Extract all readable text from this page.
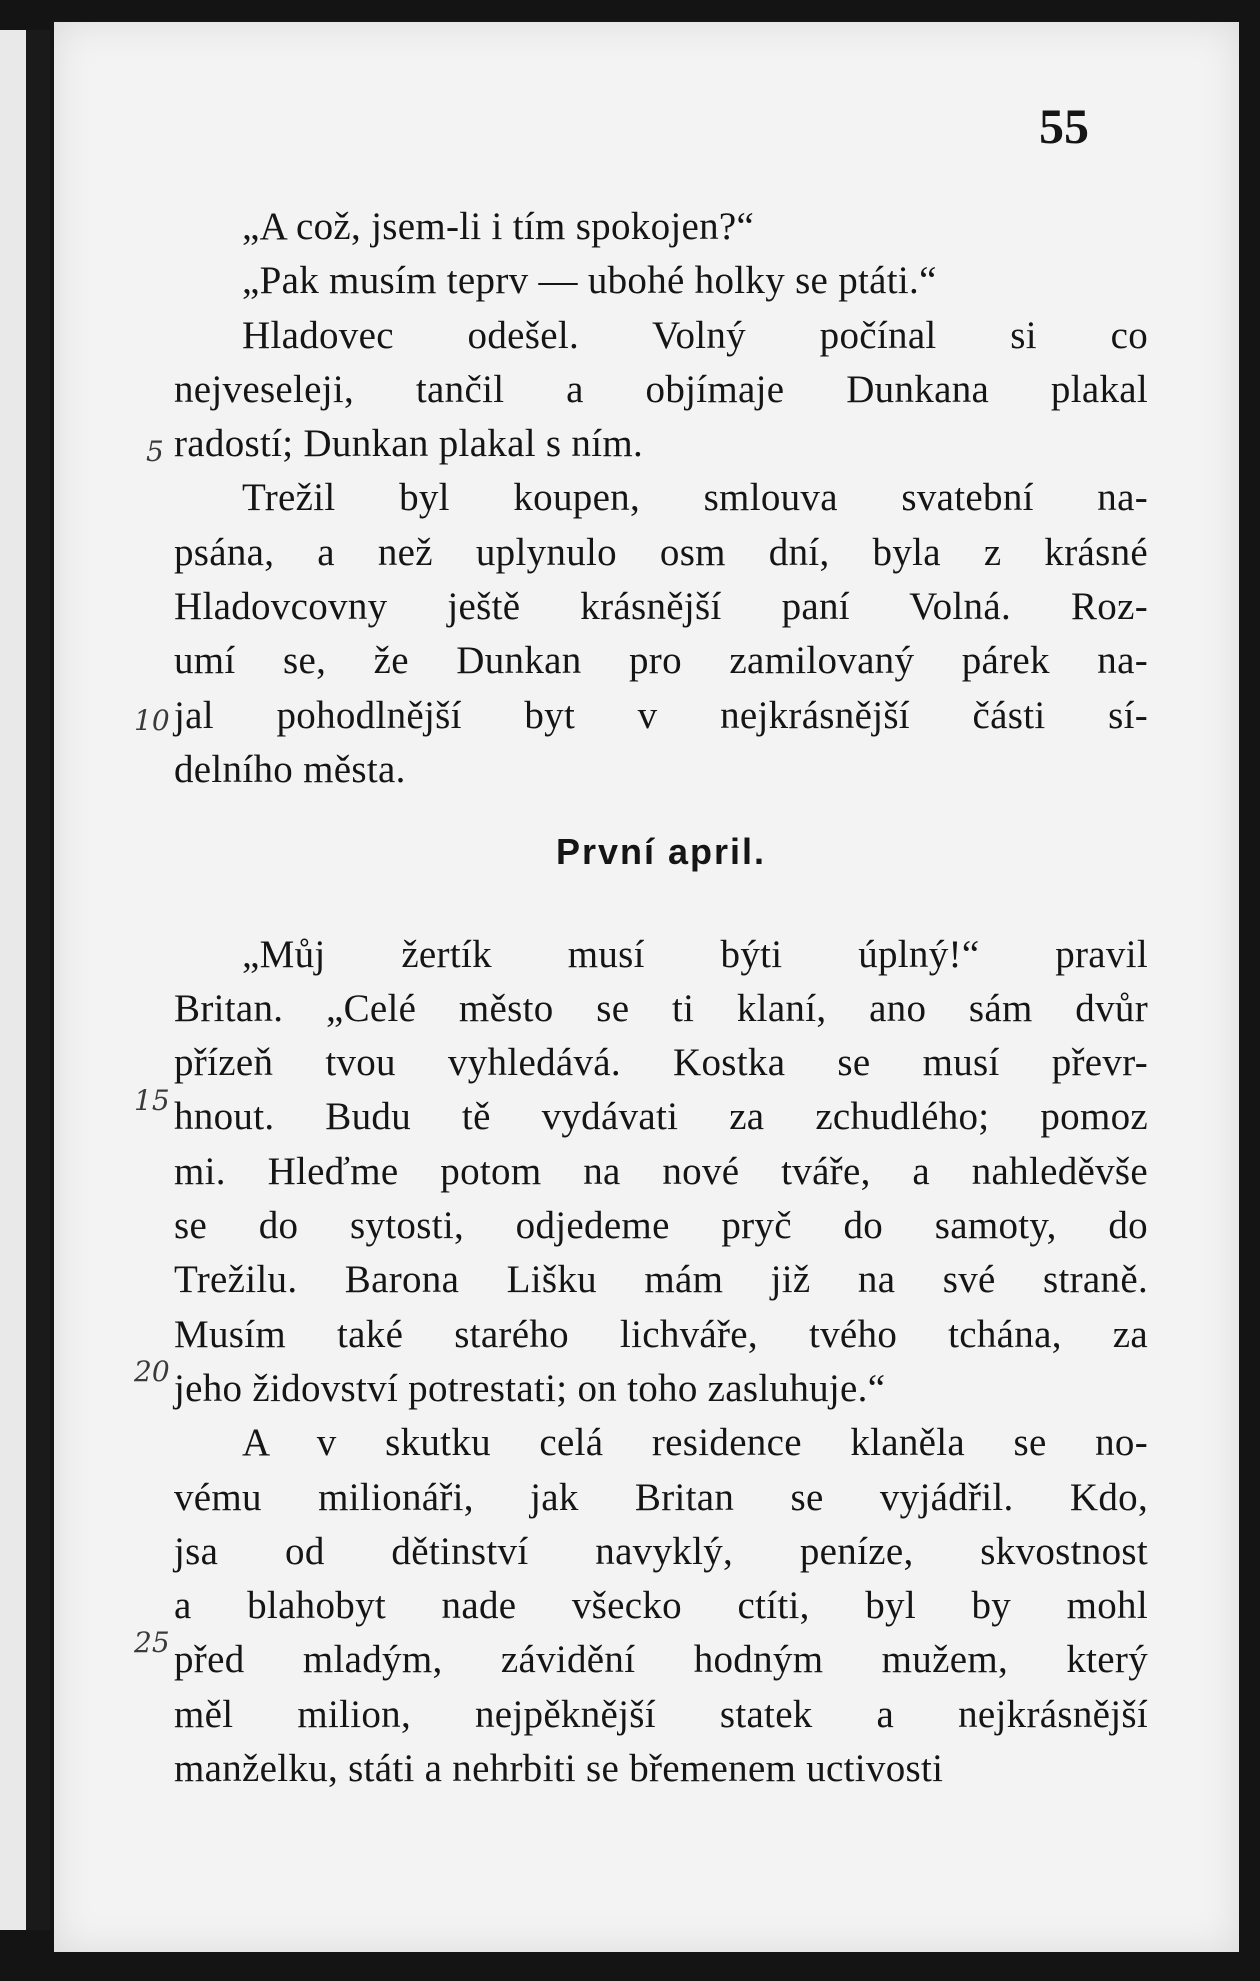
55
„A což, jsem-li i tím spokojen?“
„Pak musím teprv — ubohé holky se ptáti.“
Hladovec odešel. Volný počínal si co
nejveseleji, tančil a objímaje Dunkana plakal
radostí; Dunkan plakal s ním.
Trežil byl koupen, smlouva svatební na-
psána, a než uplynulo osm dní, byla z krásné
Hladovcovny ještě krásnější paní Volná. Roz-
umí se, že Dunkan pro zamilovaný párek na-
jal pohodlnější byt v nejkrásnější části sí-
delního města.
První april.
„Můj žertík musí býti úplný!“ pravil
Britan. „Celé město se ti klaní, ano sám dvůr
přízeň tvou vyhledává. Kostka se musí převr-
hnout. Budu tě vydávati za zchudlého; pomoz
mi. Hleďme potom na nové tváře, a nahleděvše
se do sytosti, odjedeme pryč do samoty, do
Trežilu. Barona Lišku mám již na své straně.
Musím také starého lichváře, tvého tchána, za
jeho židovství potrestati; on toho zasluhuje.“
A v skutku celá residence klaněla se no-
vému milionáři, jak Britan se vyjádřil. Kdo,
jsa od dětinství navyklý, peníze, skvostnost
a blahobyt nade všecko ctíti, byl by mohl
před mladým, závidění hodným mužem, který
měl milion, nejpěknější statek a nejkrásnější
manželku, státi a nehrbiti se břemenem uctivosti
5
10
15
20
25
